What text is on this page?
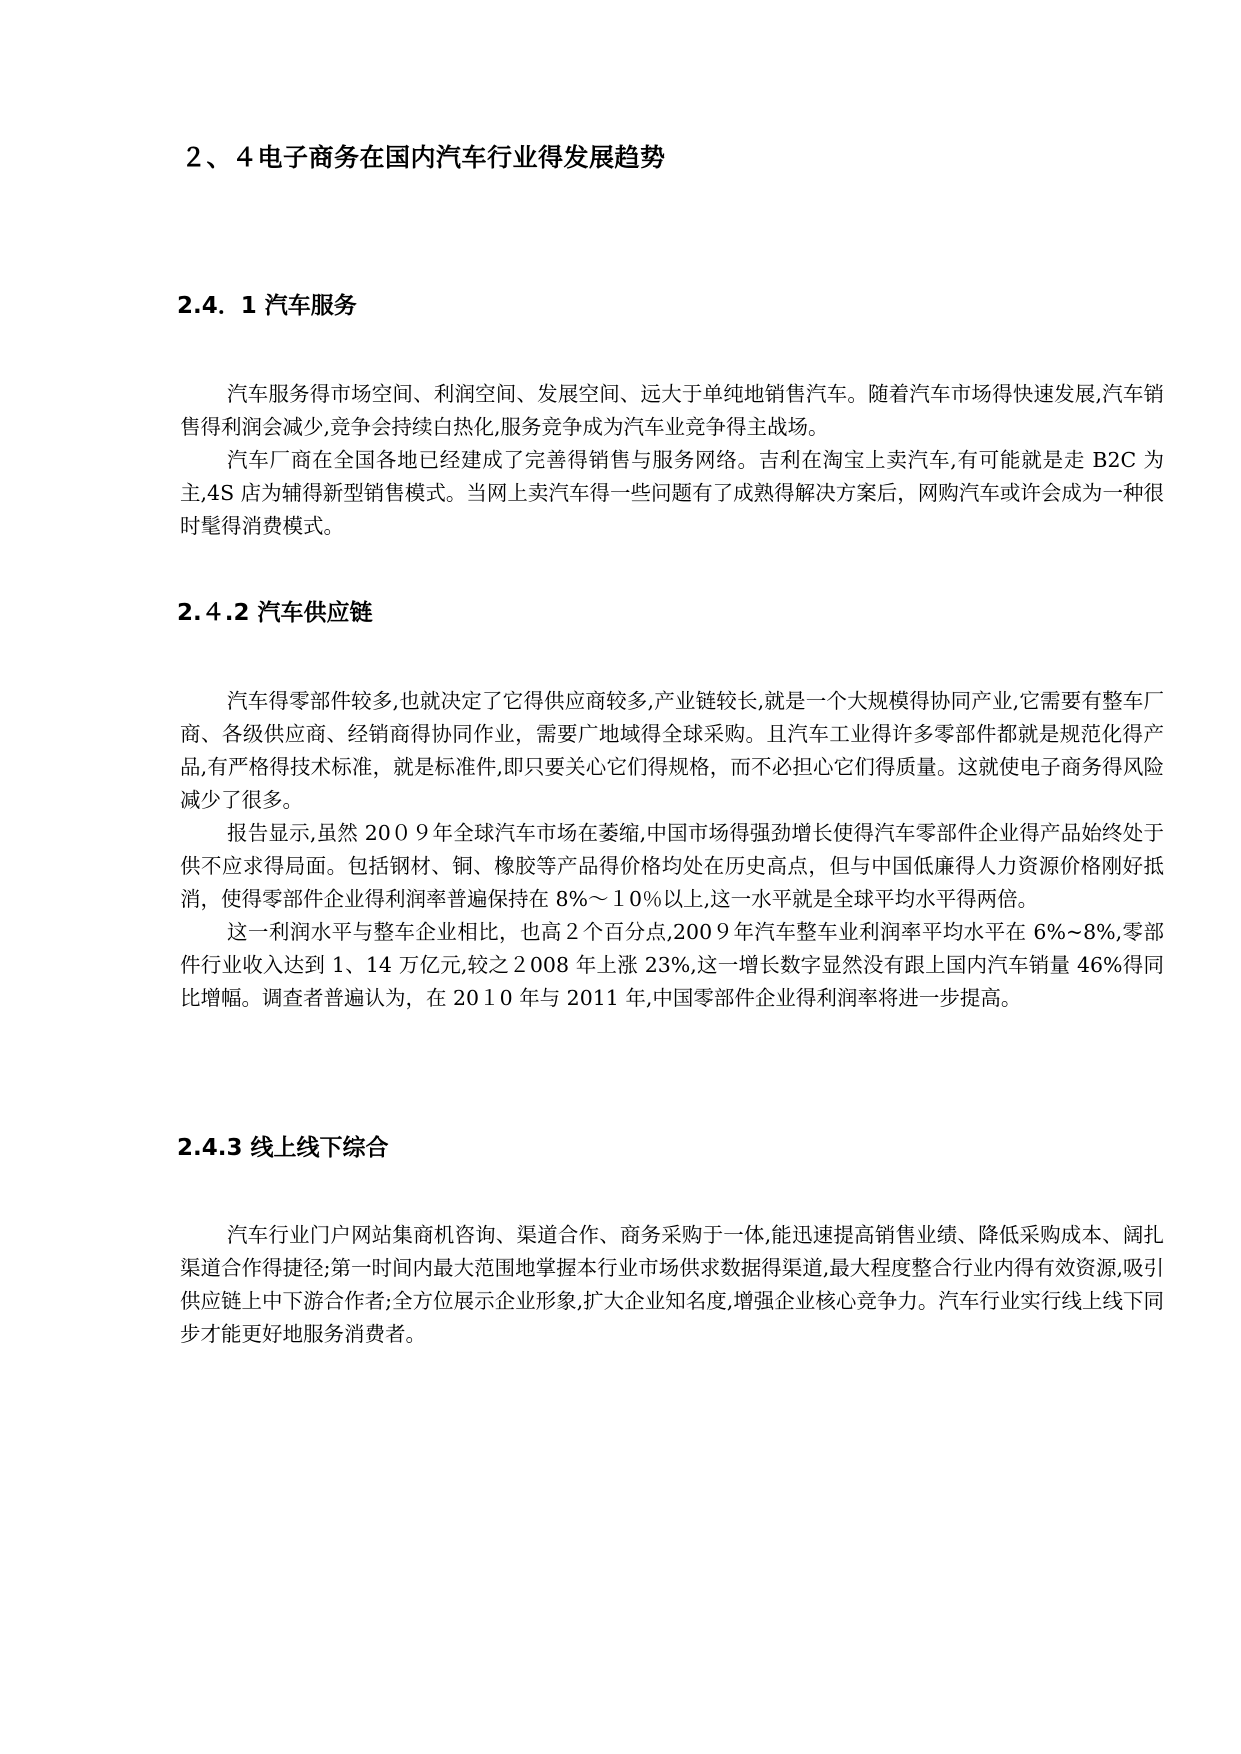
２、４电子商务在国内汽车行业得发展趋势
2.4．1 汽车服务

汽车服务得市场空间、利润空间、发展空间、远大于单纯地销售汽车。随着汽车市场得快速发展,汽车销售得利润会减少,竞争会持续白热化,服务竞争成为汽车业竞争得主战场。

汽车厂商在全国各地已经建成了完善得销售与服务网络。吉利在淘宝上卖汽车,有可能就是走 B2C 为主,4S 店为辅得新型销售模式。当网上卖汽车得一些问题有了成熟得解决方案后，网购汽车或许会成为一种很时髦得消费模式。

2.４.2 汽车供应链

汽车得零部件较多,也就决定了它得供应商较多,产业链较长,就是一个大规模得协同产业,它需要有整车厂商、各级供应商、经销商得协同作业，需要广地域得全球采购。且汽车工业得许多零部件都就是规范化得产品,有严格得技术标准，就是标准件,即只要关心它们得规格，而不必担心它们得质量。这就使电子商务得风险减少了很多。

报告显示,虽然 20０９年全球汽车市场在萎缩,中国市场得强劲增长使得汽车零部件企业得产品始终处于供不应求得局面。包括钢材、铜、橡胶等产品得价格均处在历史高点，但与中国低廉得人力资源价格刚好抵消，使得零部件企业得利润率普遍保持在 8%～１0％以上,这一水平就是全球平均水平得两倍。

这一利润水平与整车企业相比，也高２个百分点,200９年汽车整车业利润率平均水平在 6%~8%,零部件行业收入达到 1、14 万亿元,较之２008 年上涨 23%,这一增长数字显然没有跟上国内汽车销量 46%得同比增幅。调查者普遍认为，在 20１0 年与 2011 年,中国零部件企业得利润率将进一步提高。

2.4.3 线上线下综合

汽车行业门户网站集商机咨询、渠道合作、商务采购于一体,能迅速提高销售业绩、降低采购成本、阔扎渠道合作得捷径;第一时间内最大范围地掌握本行业市场供求数据得渠道,最大程度整合行业内得有效资源,吸引供应链上中下游合作者;全方位展示企业形象,扩大企业知名度,增强企业核心竞争力。汽车行业实行线上线下同步才能更好地服务消费者。
